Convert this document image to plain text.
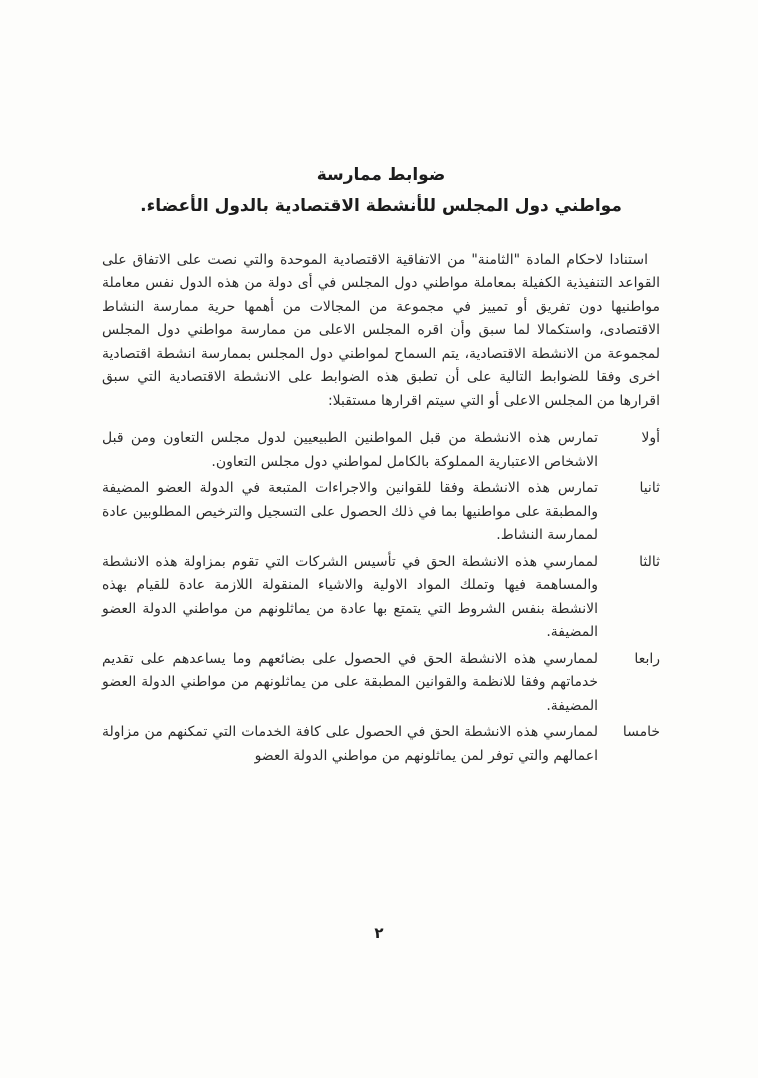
ضوابط ممارسة
مواطني دول المجلس للأنشطة الاقتصادية بالدول الأعضاء.

استنادا لاحكام المادة "الثامنة" من الاتفاقية الاقتصادية الموحدة والتي نصت على الاتفاق على القواعد التنفيذية الكفيلة بمعاملة مواطني دول المجلس في أى دولة من هذه الدول نفس معاملة مواطنيها دون تفريق أو تمييز في مجموعة من المجالات من أهمها حرية ممارسة النشاط الاقتصادى، واستكمالا لما سبق وأن اقره المجلس الاعلى من ممارسة مواطني دول المجلس لمجموعة من الانشطة الاقتصادية، يتم السماح لمواطني دول المجلس بممارسة انشطة اقتصادية اخرى وفقا للضوابط التالية على أن تطبق هذه الضوابط على الانشطة الاقتصادية التي سبق اقرارها من المجلس الاعلى أو التي سيتم اقرارها مستقبلا:

أولا
تمارس هذه الانشطة من قبل المواطنين الطبيعيين لدول مجلس التعاون ومن قبل الاشخاص الاعتبارية المملوكة بالكامل لمواطني دول مجلس التعاون.
ثانيا
تمارس هذه الانشطة وفقا للقوانين والاجراءات المتبعة في الدولة العضو المضيفة والمطبقة على مواطنيها بما في ذلك الحصول على التسجيل والترخيص المطلوبين عادة لممارسة النشاط.
ثالثا
لممارسي هذه الانشطة الحق في تأسيس الشركات التي تقوم بمزاولة هذه الانشطة والمساهمة فيها وتملك المواد الاولية والاشياء المنقولة اللازمة عادة للقيام بهذه الانشطة بنفس الشروط التي يتمتع بها عادة من يماثلونهم من مواطني الدولة العضو المضيفة.
رابعا
لممارسي هذه الانشطة الحق في الحصول على بضائعهم وما يساعدهم على تقديم خدماتهم وفقا للانظمة والقوانين المطبقة على من يماثلونهم من مواطني الدولة العضو المضيفة.
خامسا
لممارسي هذه الانشطة الحق في الحصول على كافة الخدمات التي تمكنهم من مزاولة اعمالهم والتي توفر لمن يماثلونهم من مواطني الدولة العضو
٢
